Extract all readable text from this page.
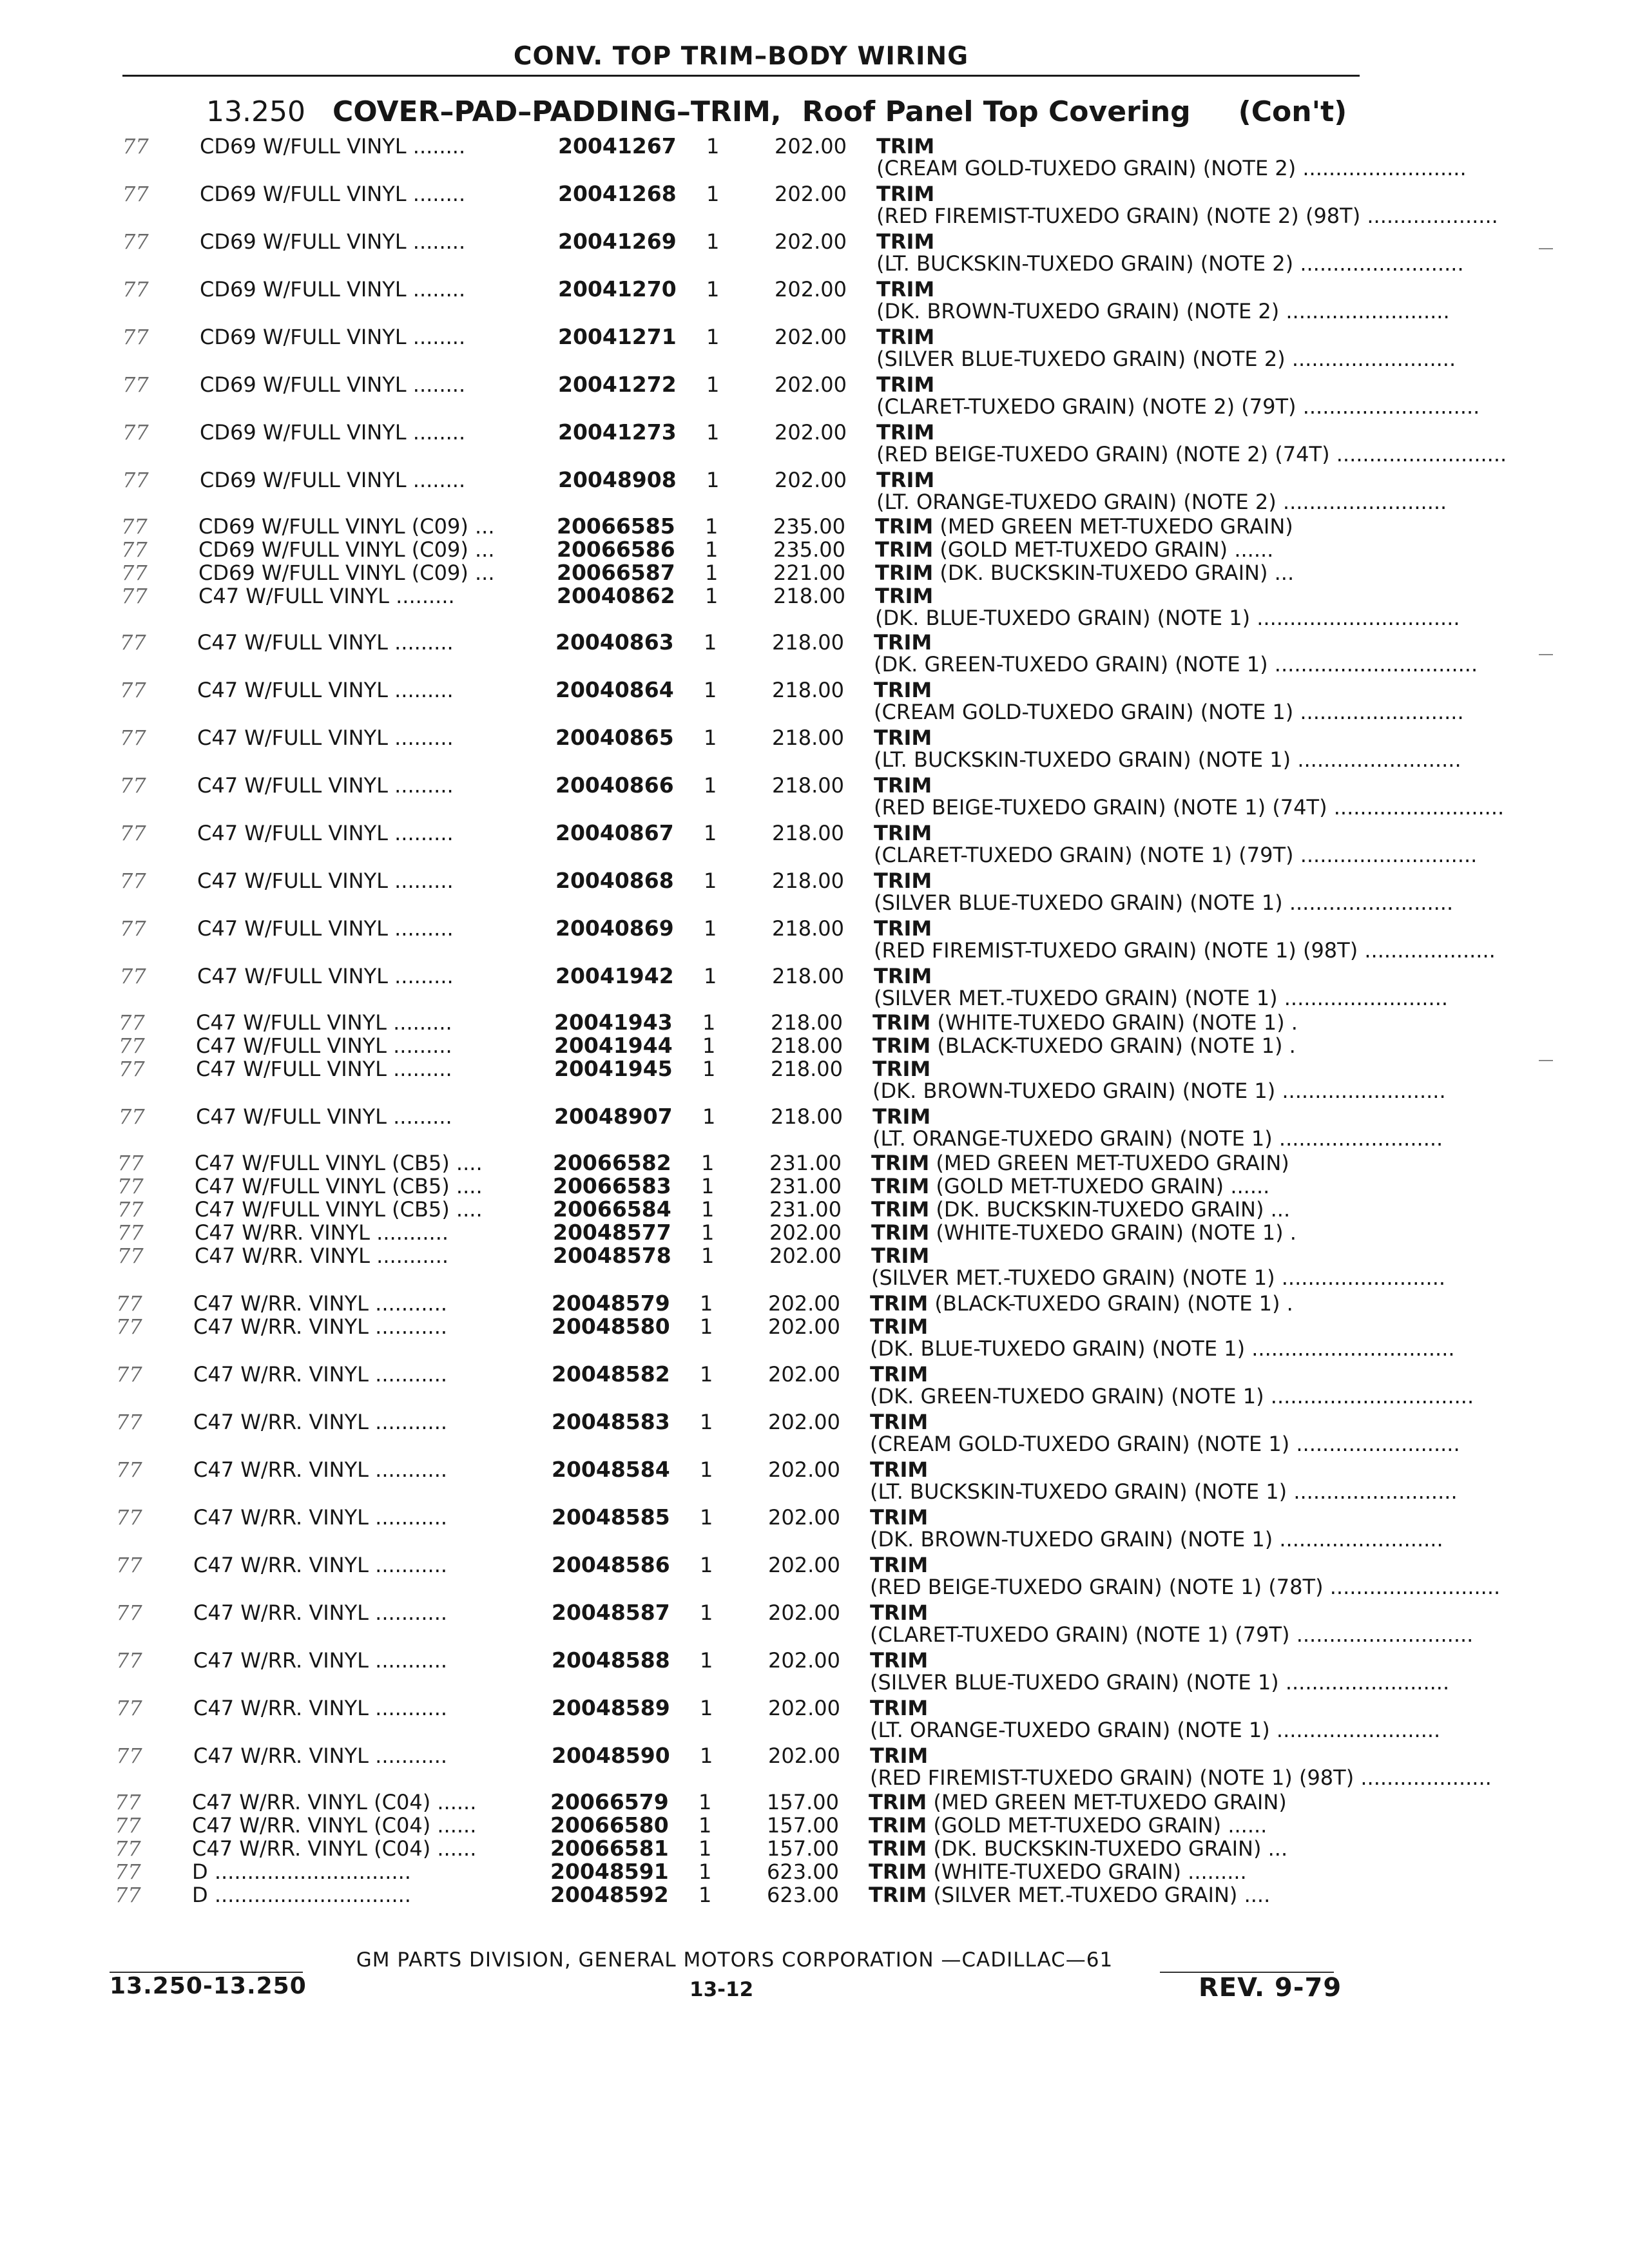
CONV. TOP TRIM–BODY WIRING
13.250 COVER–PAD–PADDING–TRIM, Roof Panel Top Covering (Con't)
77 CD69 W/FULL VINYL ........	20041267 1	202.00 TRIM (CREAM GOLD-TUXEDO GRAIN) (NOTE 2) .........................
77 CD69 W/FULL VINYL ........	20041268 1	202.00 TRIM (RED FIREMIST-TUXEDO GRAIN) (NOTE 2) (98T) ....................
77 CD69 W/FULL VINYL ........	20041269 1	202.00 TRIM (LT. BUCKSKIN-TUXEDO GRAIN) (NOTE 2) .........................
77 CD69 W/FULL VINYL ........	20041270 1	202.00 TRIM (DK. BROWN-TUXEDO GRAIN) (NOTE 2) .........................
77 CD69 W/FULL VINYL ........	20041271 1	202.00 TRIM (SILVER BLUE-TUXEDO GRAIN) (NOTE 2) .........................
77 CD69 W/FULL VINYL ........	20041272 1	202.00 TRIM (CLARET-TUXEDO GRAIN) (NOTE 2) (79T) ...........................
77 CD69 W/FULL VINYL ........	20041273 1	202.00 TRIM (RED BEIGE-TUXEDO GRAIN) (NOTE 2) (74T) ..........................
77 CD69 W/FULL VINYL ........	20048908 1	202.00 TRIM (LT. ORANGE-TUXEDO GRAIN) (NOTE 2) .........................
77 CD69 W/FULL VINYL (C09) ...	20066585 1	235.00 TRIM (MED GREEN MET-TUXEDO GRAIN)
77 CD69 W/FULL VINYL (C09) ...	20066586 1	235.00 TRIM (GOLD MET-TUXEDO GRAIN) ......
77 CD69 W/FULL VINYL (C09) ...	20066587 1	221.00 TRIM (DK. BUCKSKIN-TUXEDO GRAIN) ...
77 C47 W/FULL VINYL .........	20040862 1	218.00 TRIM (DK. BLUE-TUXEDO GRAIN) (NOTE 1) ...............................
77 C47 W/FULL VINYL .........	20040863 1	218.00 TRIM (DK. GREEN-TUXEDO GRAIN) (NOTE 1) ...............................
77 C47 W/FULL VINYL .........	20040864 1	218.00 TRIM (CREAM GOLD-TUXEDO GRAIN) (NOTE 1) .........................
77 C47 W/FULL VINYL .........	20040865 1	218.00 TRIM (LT. BUCKSKIN-TUXEDO GRAIN) (NOTE 1) .........................
77 C47 W/FULL VINYL .........	20040866 1	218.00 TRIM (RED BEIGE-TUXEDO GRAIN) (NOTE 1) (74T) ..........................
77 C47 W/FULL VINYL .........	20040867 1	218.00 TRIM (CLARET-TUXEDO GRAIN) (NOTE 1) (79T) ...........................
77 C47 W/FULL VINYL .........	20040868 1	218.00 TRIM (SILVER BLUE-TUXEDO GRAIN) (NOTE 1) .........................
77 C47 W/FULL VINYL .........	20040869 1	218.00 TRIM (RED FIREMIST-TUXEDO GRAIN) (NOTE 1) (98T) ....................
77 C47 W/FULL VINYL .........	20041942 1	218.00 TRIM (SILVER MET.-TUXEDO GRAIN) (NOTE 1) .........................
77 C47 W/FULL VINYL .........	20041943 1	218.00 TRIM (WHITE-TUXEDO GRAIN) (NOTE 1) .
77 C47 W/FULL VINYL .........	20041944 1	218.00 TRIM (BLACK-TUXEDO GRAIN) (NOTE 1) .
77 C47 W/FULL VINYL .........	20041945 1	218.00 TRIM (DK. BROWN-TUXEDO GRAIN) (NOTE 1) .........................
77 C47 W/FULL VINYL .........	20048907 1	218.00 TRIM (LT. ORANGE-TUXEDO GRAIN) (NOTE 1) .........................
77 C47 W/FULL VINYL (CB5) ....	20066582 1	231.00 TRIM (MED GREEN MET-TUXEDO GRAIN)
77 C47 W/FULL VINYL (CB5) ....	20066583 1	231.00 TRIM (GOLD MET-TUXEDO GRAIN) ......
77 C47 W/FULL VINYL (CB5) ....	20066584 1	231.00 TRIM (DK. BUCKSKIN-TUXEDO GRAIN) ...
77 C47 W/RR. VINYL ...........	20048577 1	202.00 TRIM (WHITE-TUXEDO GRAIN) (NOTE 1) .
77 C47 W/RR. VINYL ...........	20048578 1	202.00 TRIM (SILVER MET.-TUXEDO GRAIN) (NOTE 1) .........................
77 C47 W/RR. VINYL ...........	20048579 1	202.00 TRIM (BLACK-TUXEDO GRAIN) (NOTE 1) .
77 C47 W/RR. VINYL ...........	20048580 1	202.00 TRIM (DK. BLUE-TUXEDO GRAIN) (NOTE 1) ...............................
77 C47 W/RR. VINYL ...........	20048582 1	202.00 TRIM (DK. GREEN-TUXEDO GRAIN) (NOTE 1) ...............................
77 C47 W/RR. VINYL ...........	20048583 1	202.00 TRIM (CREAM GOLD-TUXEDO GRAIN) (NOTE 1) .........................
77 C47 W/RR. VINYL ...........	20048584 1	202.00 TRIM (LT. BUCKSKIN-TUXEDO GRAIN) (NOTE 1) .........................
77 C47 W/RR. VINYL ...........	20048585 1	202.00 TRIM (DK. BROWN-TUXEDO GRAIN) (NOTE 1) .........................
77 C47 W/RR. VINYL ...........	20048586 1	202.00 TRIM (RED BEIGE-TUXEDO GRAIN) (NOTE 1) (78T) ..........................
77 C47 W/RR. VINYL ...........	20048587 1	202.00 TRIM (CLARET-TUXEDO GRAIN) (NOTE 1) (79T) ...........................
77 C47 W/RR. VINYL ...........	20048588 1	202.00 TRIM (SILVER BLUE-TUXEDO GRAIN) (NOTE 1) .........................
77 C47 W/RR. VINYL ...........	20048589 1	202.00 TRIM (LT. ORANGE-TUXEDO GRAIN) (NOTE 1) .........................
77 C47 W/RR. VINYL ...........	20048590 1	202.00 TRIM (RED FIREMIST-TUXEDO GRAIN) (NOTE 1) (98T) ....................
77 C47 W/RR. VINYL (C04) ......	20066579 1	157.00 TRIM (MED GREEN MET-TUXEDO GRAIN)
77 C47 W/RR. VINYL (C04) ......	20066580 1	157.00 TRIM (GOLD MET-TUXEDO GRAIN) ......
77 C47 W/RR. VINYL (C04) ......	20066581 1	157.00 TRIM (DK. BUCKSKIN-TUXEDO GRAIN) ...
77 D ..............................	20048591 1	623.00 TRIM (WHITE-TUXEDO GRAIN) .........
77 D ..............................	20048592 1	623.00 TRIM (SILVER MET.-TUXEDO GRAIN) ....
GM PARTS DIVISION, GENERAL MOTORS CORPORATION —CADILLAC—61
13.250-13.250	13-12	REV. 9-79
